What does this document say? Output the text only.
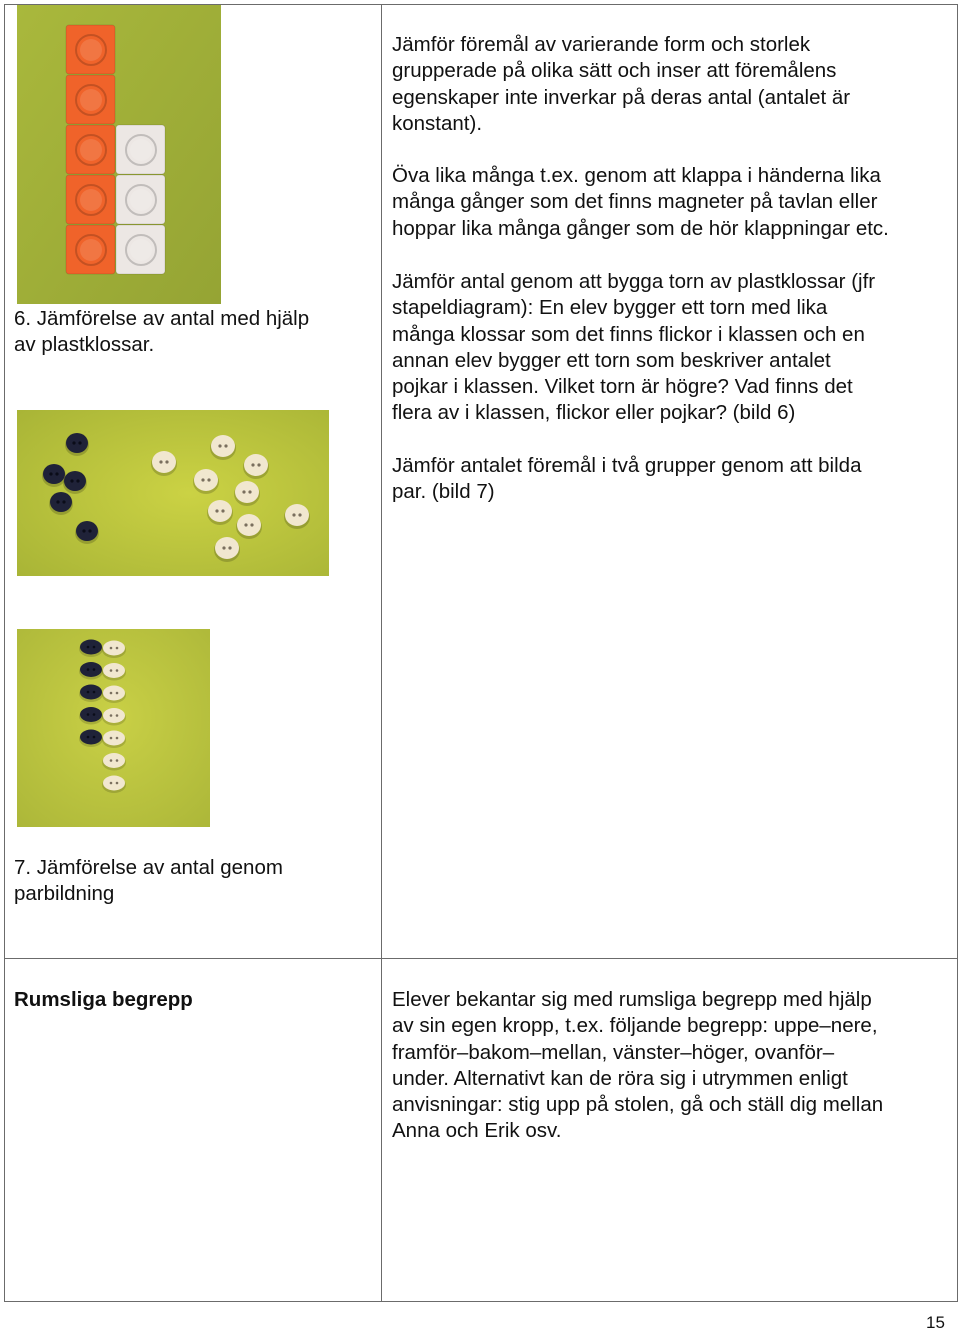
6. Jämförelse av antal med hjälp
av plastklossar.
7. Jämförelse av antal genom
parbildning

Jämför föremål av varierande form och storlek
grupperade på olika sätt och inser att föremålens
egenskaper inte inverkar på deras antal (antalet är
konstant).

Öva lika många t.ex. genom att klappa i händerna lika
många gånger som det finns magneter på tavlan eller
hoppar lika många gånger som de hör klappningar etc.

Jämför antal genom att bygga torn av plastklossar (jfr
stapeldiagram): En elev bygger ett torn med lika
många klossar som det finns flickor i klassen och en
annan elev bygger ett torn som beskriver antalet
pojkar i klassen. Vilket torn är högre? Vad finns det
flera av i klassen, flickor eller pojkar? (bild 6)

Jämför antalet föremål i två grupper genom att bilda
par. (bild 7)

Rumsliga begrepp	Elever bekantar sig med rumsliga begrepp med hjälp
av sin egen kropp, t.ex. följande begrepp: uppe–nere,
framför–bakom–mellan, vänster–höger, ovanför–
under. Alternativt kan de röra sig i utrymmen enligt
anvisningar: stig upp på stolen, gå och ställ dig mellan
Anna och Erik osv.

15
